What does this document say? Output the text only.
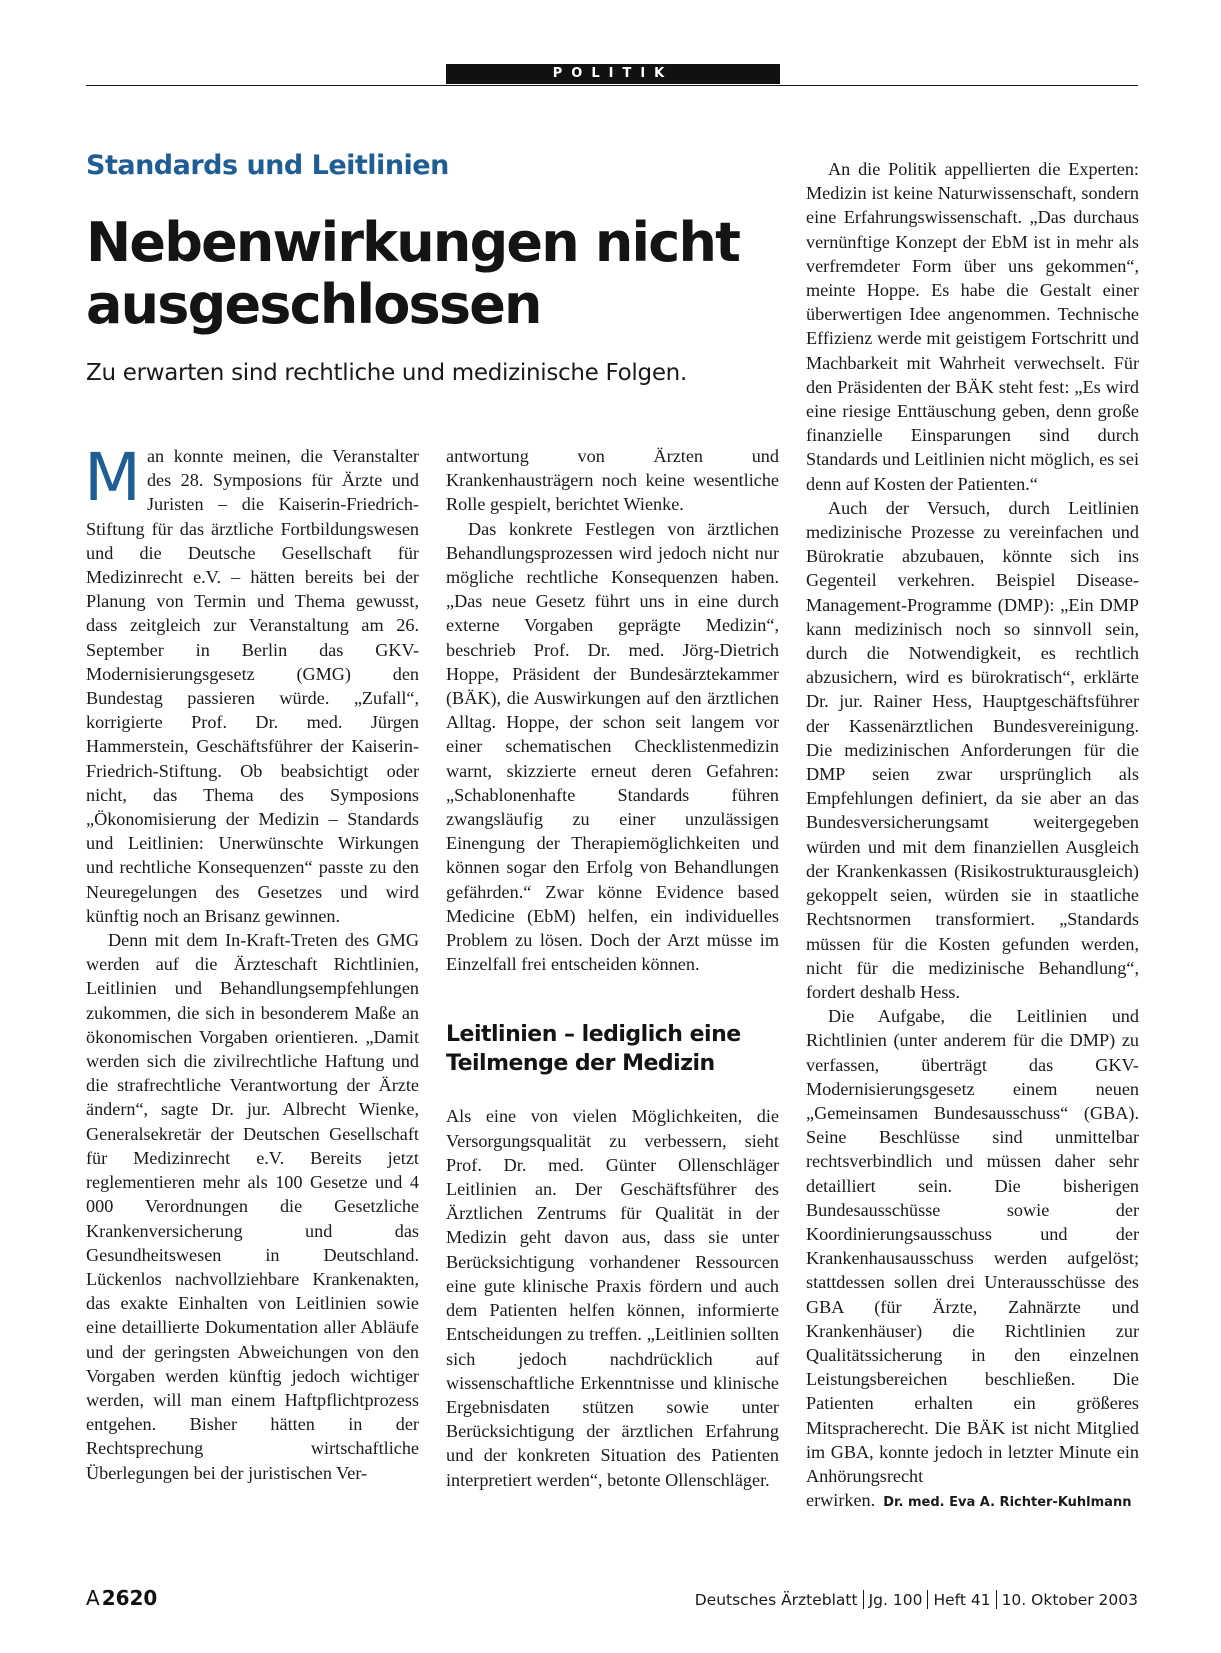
POLITIK
Standards und Leitlinien
Nebenwirkungen nicht ausgeschlossen

Zu erwarten sind rechtliche und medizinische Folgen.

Man konnte meinen, die Veranstalter des 28. Symposions für Ärzte und Juristen – die Kaiserin-Friedrich-Stiftung für das ärztliche Fortbildungswesen und die Deutsche Gesellschaft für Medizinrecht e.V. – hätten bereits bei der Planung von Termin und Thema gewusst, dass zeitgleich zur Veranstaltung am 26. September in Berlin das GKV-Modernisierungsgesetz (GMG) den Bundestag passieren würde. „Zufall“, korrigierte Prof. Dr. med. Jürgen Hammerstein, Geschäftsführer der Kaiserin-Friedrich-Stiftung. Ob beabsichtigt oder nicht, das Thema des Symposions „Ökonomisierung der Medizin – Standards und Leitlinien: Unerwünschte Wirkungen und rechtliche Konsequenzen“ passte zu den Neuregelungen des Gesetzes und wird künftig noch an Brisanz gewinnen.

Denn mit dem In-Kraft-Treten des GMG werden auf die Ärzteschaft Richtlinien, Leitlinien und Behandlungsempfehlungen zukommen, die sich in besonderem Maße an ökonomischen Vorgaben orientieren. „Damit werden sich die zivilrechtliche Haftung und die strafrechtliche Verantwortung der Ärzte ändern“, sagte Dr. jur. Albrecht Wienke, Generalsekretär der Deutschen Gesellschaft für Medizinrecht e.V. Bereits jetzt reglementieren mehr als 100 Gesetze und 4 000 Verordnungen die Gesetzliche Krankenversicherung und das Gesundheitswesen in Deutschland. Lückenlos nachvollziehbare Krankenakten, das exakte Einhalten von Leitlinien sowie eine detaillierte Dokumentation aller Abläufe und der geringsten Abweichungen von den Vorgaben werden künftig jedoch wichtiger werden, will man einem Haftpflichtprozess entgehen. Bisher hätten in der Rechtsprechung wirtschaftliche Überlegungen bei der juristischen Ver-

antwortung von Ärzten und Krankenhausträgern noch keine wesentliche Rolle gespielt, berichtet Wienke.

Das konkrete Festlegen von ärztlichen Behandlungsprozessen wird jedoch nicht nur mögliche rechtliche Konsequenzen haben. „Das neue Gesetz führt uns in eine durch externe Vorgaben geprägte Medizin“, beschrieb Prof. Dr. med. Jörg-Dietrich Hoppe, Präsident der Bundesärztekammer (BÄK), die Auswirkungen auf den ärztlichen Alltag. Hoppe, der schon seit langem vor einer schematischen Checklistenmedizin warnt, skizzierte erneut deren Gefahren: „Schablonenhafte Standards führen zwangsläufig zu einer unzulässigen Einengung der Therapiemöglichkeiten und können sogar den Erfolg von Behandlungen gefährden.“ Zwar könne Evidence based Medicine (EbM) helfen, ein individuelles Problem zu lösen. Doch der Arzt müsse im Einzelfall frei entscheiden können.

Leitlinien – lediglich eine Teilmenge der Medizin

Als eine von vielen Möglichkeiten, die Versorgungsqualität zu verbessern, sieht Prof. Dr. med. Günter Ollenschläger Leitlinien an. Der Geschäftsführer des Ärztlichen Zentrums für Qualität in der Medizin geht davon aus, dass sie unter Berücksichtigung vorhandener Ressourcen eine gute klinische Praxis fördern und auch dem Patienten helfen können, informierte Entscheidungen zu treffen. „Leitlinien sollten sich jedoch nachdrücklich auf wissenschaftliche Erkenntnisse und klinische Ergebnisdaten stützen sowie unter Berücksichtigung der ärztlichen Erfahrung und der konkreten Situation des Patienten interpretiert werden“, betonte Ollenschläger.

An die Politik appellierten die Experten: Medizin ist keine Naturwissenschaft, sondern eine Erfahrungswissenschaft. „Das durchaus vernünftige Konzept der EbM ist in mehr als verfremdeter Form über uns gekommen“, meinte Hoppe. Es habe die Gestalt einer überwertigen Idee angenommen. Technische Effizienz werde mit geistigem Fortschritt und Machbarkeit mit Wahrheit verwechselt. Für den Präsidenten der BÄK steht fest: „Es wird eine riesige Enttäuschung geben, denn große finanzielle Einsparungen sind durch Standards und Leitlinien nicht möglich, es sei denn auf Kosten der Patienten.“

Auch der Versuch, durch Leitlinien medizinische Prozesse zu vereinfachen und Bürokratie abzubauen, könnte sich ins Gegenteil verkehren. Beispiel Disease-Management-Programme (DMP): „Ein DMP kann medizinisch noch so sinnvoll sein, durch die Notwendigkeit, es rechtlich abzusichern, wird es bürokratisch“, erklärte Dr. jur. Rainer Hess, Hauptgeschäftsführer der Kassenärztlichen Bundesvereinigung. Die medizinischen Anforderungen für die DMP seien zwar ursprünglich als Empfehlungen definiert, da sie aber an das Bundesversicherungsamt weitergegeben würden und mit dem finanziellen Ausgleich der Krankenkassen (Risikostrukturausgleich) gekoppelt seien, würden sie in staatliche Rechtsnormen transformiert. „Standards müssen für die Kosten gefunden werden, nicht für die medizinische Behandlung“, fordert deshalb Hess.

Die Aufgabe, die Leitlinien und Richtlinien (unter anderem für die DMP) zu verfassen, überträgt das GKV-Modernisierungsgesetz einem neuen „Gemeinsamen Bundesausschuss“ (GBA). Seine Beschlüsse sind unmittelbar rechtsverbindlich und müssen daher sehr detailliert sein. Die bisherigen Bundesausschüsse sowie der Koordinierungsausschuss und der Krankenhausausschuss werden aufgelöst; stattdessen sollen drei Unterausschüsse des GBA (für Ärzte, Zahnärzte und Krankenhäuser) die Richtlinien zur Qualitätssicherung in den einzelnen Leistungsbereichen beschließen. Die Patienten erhalten ein größeres Mitspracherecht. Die BÄK ist nicht Mitglied im GBA, konnte jedoch in letzter Minute ein Anhörungsrecht erwirken. Dr. med. Eva A. Richter-Kuhlmann

A 2620	Deutsches Ärzteblatt Jg. 100 Heft 41 10. Oktober 2003
